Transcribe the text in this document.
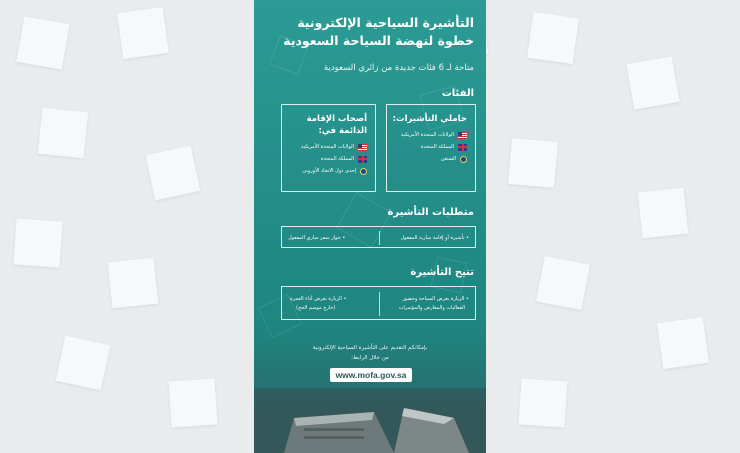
التأشيرة السياحية الإلكترونية خطوة لنهضة السياحة السعودية
متاحة لـ 6 فئات جديدة من زائري السعودية
الفئات
حاملي التأشيرات:
الولايات المتحدة الأمريكية
المملكة المتحدة
الشنغن
أصحاب الإقامة الدائمة في:
الولايات المتحدة الأمريكية
المملكة المتحدة
إحدى دول الاتحاد الأوروبي
متطلبات التأشيرة
• تأشيرة أو إقامة سارية المفعول
• جواز سفر ساري المفعول
تتيح التأشيرة
• الزيارة بغرض السياحة وحضور
الفعاليات والمعارض والمؤتمرات
• الزيارة بغرض أداء العمرة
(خارج موسم الحج)
بإمكانكم التقديم على التأشيرة السياحية الإلكترونية
من خلال الرابط:
www.mofa.gov.sa
